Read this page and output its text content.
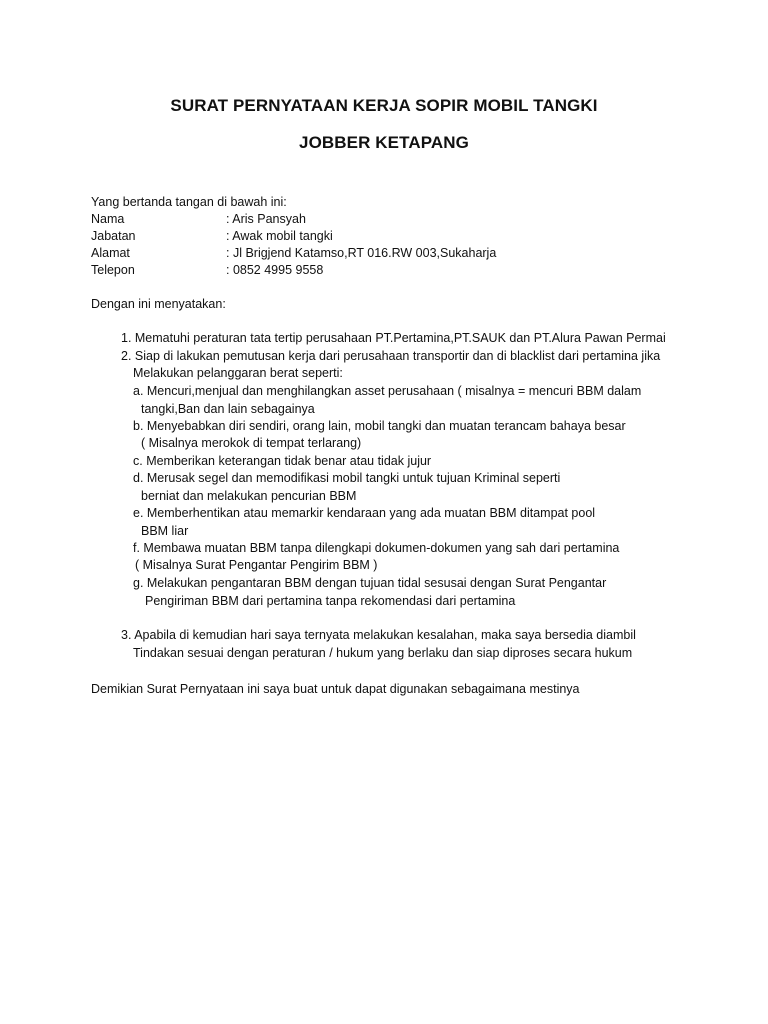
SURAT PERNYATAAN KERJA SOPIR MOBIL TANGKI
JOBBER KETAPANG
Yang bertanda tangan di bawah ini:
Nama	: Aris Pansyah
Jabatan	: Awak mobil tangki
Alamat	: Jl Brigjend Katamso,RT 016.RW 003,Sukaharja
Telepon	: 0852 4995 9558
Dengan ini menyatakan:
1. Mematuhi peraturan tata tertip perusahaan PT.Pertamina,PT.SAUK dan PT.Alura Pawan Permai
2. Siap di lakukan pemutusan kerja dari perusahaan transportir dan di blacklist dari pertamina jika
Melakukan pelanggaran berat seperti:
a. Mencuri,menjual dan menghilangkan asset perusahaan ( misalnya = mencuri BBM dalam
tangki,Ban dan lain sebagainya
b. Menyebabkan diri sendiri, orang lain, mobil tangki dan muatan terancam bahaya besar
( Misalnya merokok di tempat terlarang)
c. Memberikan keterangan tidak benar atau tidak jujur
d. Merusak segel dan memodifikasi mobil tangki untuk tujuan Kriminal seperti
berniat dan melakukan pencurian BBM
e. Memberhentikan atau memarkir kendaraan yang ada muatan BBM ditampat pool
BBM liar
f. Membawa muatan BBM tanpa dilengkapi dokumen-dokumen yang sah dari pertamina
( Misalnya Surat Pengantar Pengirim BBM )
g. Melakukan pengantaran BBM dengan tujuan tidal sesusai dengan Surat Pengantar
Pengiriman BBM dari pertamina tanpa rekomendasi dari pertamina
3. Apabila di kemudian hari saya ternyata melakukan kesalahan, maka saya bersedia diambil
Tindakan sesuai dengan peraturan / hukum yang berlaku dan siap diproses secara hukum
Demikian Surat Pernyataan ini saya buat untuk dapat digunakan sebagaimana mestinya
